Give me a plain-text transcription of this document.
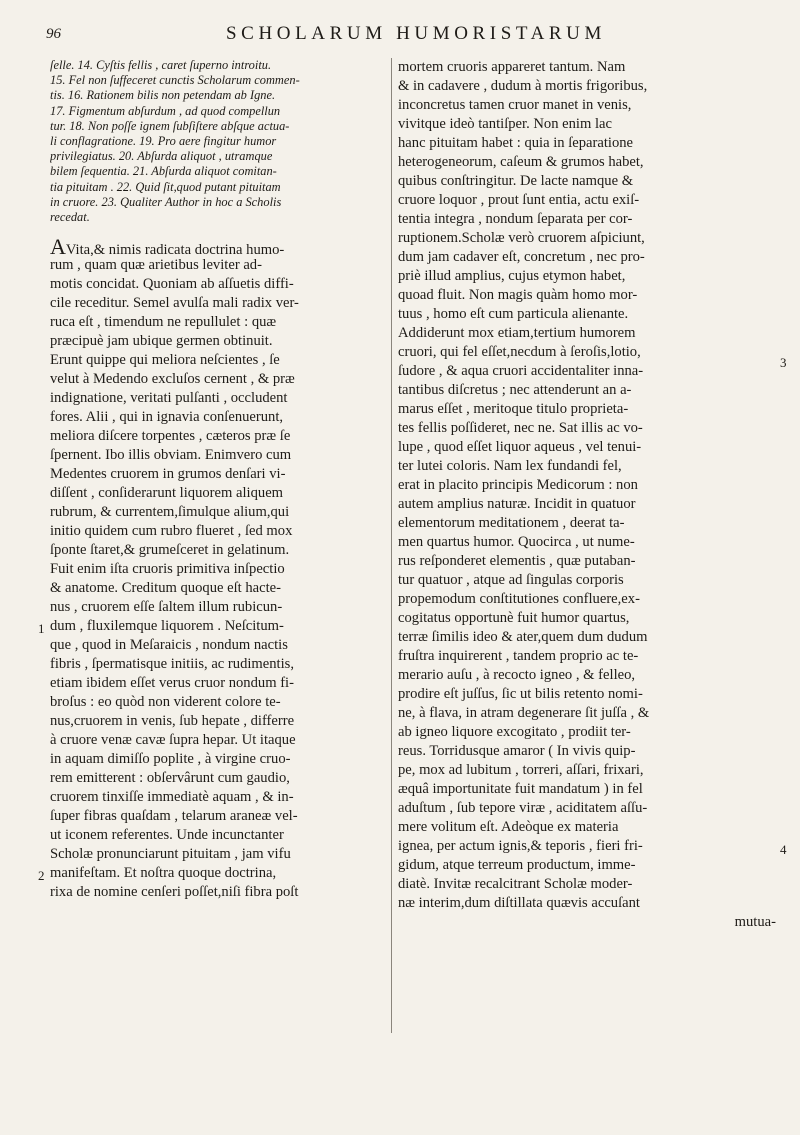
96	SCHOLARUM HUMORISTARUM
ſelle. 14. Cyſtis fellis , caret ſuperno introitu.
15. Fel non ſuffeceret cunctis Scholarum commen-
tis. 16. Rationem bilis non petendam ab Igne.
17. Figmentum abſurdum , ad quod compellun
tur. 18. Non poſſe ignem ſubſiſtere abſque actua-
li conflagratione. 19. Pro aere fingitur humor
privilegiatus. 20. Abſurda aliquot , utramque
bilem ſequentia. 21. Abſurda aliquot comitan-
tia pituitam . 22. Quid ſit,quod putant pituitam
in cruore. 23. Qualiter Author in hoc a Scholis
recedat.
AVita,& nimis radicata doctrina humo-
rum , quam quæ arietibus leviter ad-
motis concidat. Quoniam ab aſſuetis diffi-
cile receditur. Semel avulſa mali radix ver-
ruca eſt , timendum ne repullulet : quæ
præcipuè jam ubique germen obtinuit.
Erunt quippe qui meliora neſcientes , ſe
velut à Medendo excluſos cernent , & præ
indignatione, veritati pulſanti , occludent
fores. Alii , qui in ignavia conſenuerunt,
meliora diſcere torpentes , cæteros præ ſe
ſpernent. Ibo illis obviam. Enimvero cum
Medentes cruorem in grumos denſari vi-
diſſent , conſiderarunt liquorem aliquem
rubrum, & currentem,ſimulque alium,qui
initio quidem cum rubro flueret , ſed mox
ſponte ſtaret,& grumeſceret in gelatinum.
Fuit enim iſta cruoris primitiva inſpectio
& anatome. Creditum quoque eſt hacte-
nus , cruorem eſſe ſaltem illum rubicun-
dum , fluxilemque liquorem . Neſcitum-
que , quod in Meſaraicis , nondum nactis
fibris , ſpermatisque initiis, ac rudimentis,
etiam ibidem eſſet verus cruor nondum fi-
broſus : eo quòd non viderent colore te-
nus,cruorem in venis, ſub hepate , differre
à cruore venæ cavæ ſupra hepar. Ut itaque
in aquam dimiſſo poplite , à virgine cruo-
rem emitterent : obſervârunt cum gaudio,
cruorem tinxiſſe immediatè aquam , & in-
ſuper fibras quaſdam , telarum araneæ vel-
ut iconem referentes. Unde incunctanter
Scholæ pronunciarunt pituitam , jam vifu
manifeſtam. Et noſtra quoque doctrina,
rixa de nomine cenſeri poſſet,niſi fibra poſt
mortem cruoris appareret tantum. Nam
& in cadavere , dudum à mortis frigoribus,
inconcretus tamen cruor manet in venis,
vivitque ideò tantiſper. Non enim lac
hanc pituitam habet : quia in ſeparatione
heterogeneorum, caſeum & grumos habet,
quibus conſtringitur. De lacte namque &
cruore loquor , prout ſunt entia, actu exiſ-
tentia integra , nondum ſeparata per cor-
ruptionem.Scholæ verò cruorem aſpiciunt,
dum jam cadaver eſt, concretum , nec pro-
priè illud amplius, cujus etymon habet,
quoad fluit. Non magis quàm homo mor-
tuus , homo eſt cum particula alienante.
Addiderunt mox etiam,tertium humorem
cruori, qui fel eſſet,necdum à ſeroſis,lotio,
ſudore , & aqua cruori accidentaliter inna-
tantibus diſcretus ; nec attenderunt an a-
marus eſſet , meritoque titulo proprieta-
tes fellis poſſideret, nec ne. Sat illis ac vo-
lupe , quod eſſet liquor aqueus , vel tenui-
ter lutei coloris. Nam lex fundandi fel,
erat in placito principis Medicorum : non
autem amplius naturæ. Incidit in quatuor
elementorum meditationem , deerat ta-
men quartus humor. Quocirca , ut nume-
rus reſponderet elementis , quæ putaban-
tur quatuor , atque ad ſingulas corporis
propemodum conſtitutiones confluere,ex-
cogitatus opportunè fuit humor quartus,
terræ ſimilis ideo & ater,quem dum dudum
fruſtra inquirerent , tandem proprio ac te-
merario auſu , à recocto igneo , & felleo,
prodire eſt juſſus, ſic ut bilis retento nomi-
ne, à flava, in atram degenerare ſit juſſa , &
ab igneo liquore excogitato , prodiit ter-
reus. Torridusque amaror ( In vivis quip-
pe, mox ad lubitum , torreri, aſſari, frixari,
æquâ importunitate fuit mandatum ) in fel
aduſtum , ſub tepore viræ , aciditatem aſſu-
mere volitum eſt. Adeòque ex materia
ignea, per actum ignis,& teporis , fieri fri-
gidum, atque terreum productum, imme-
diatè. Invitæ recalcitrant Scholæ moder-
næ interim,dum diſtillata quævis accuſant
mutua-
1
2
3
4
